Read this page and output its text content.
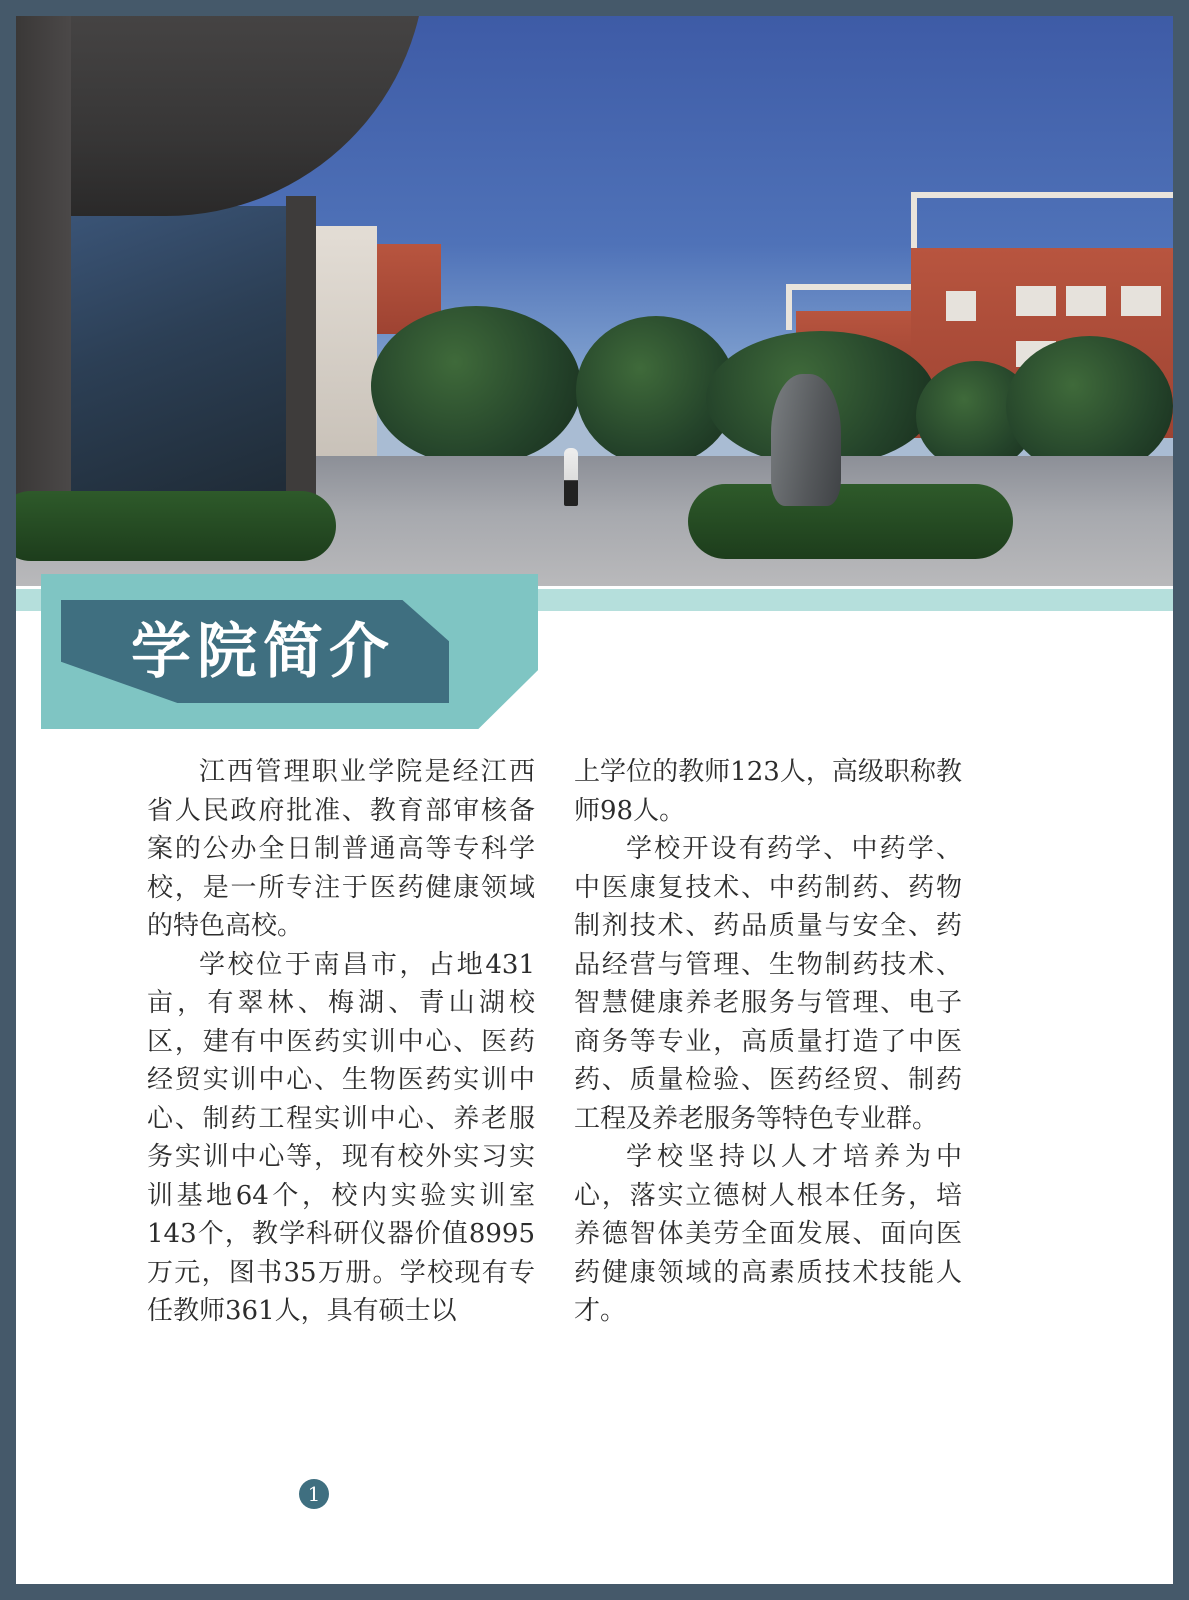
学院简介

江西管理职业学院是经江西省人民政府批准、教育部审核备案的公办全日制普通高等专科学校，是一所专注于医药健康领域的特色高校。

学校位于南昌市，占地431亩，有翠林、梅湖、青山湖校区，建有中医药实训中心、医药经贸实训中心、生物医药实训中心、制药工程实训中心、养老服务实训中心等，现有校外实习实训基地64个，校内实验实训室143个，教学科研仪器价值8995万元，图书35万册。学校现有专任教师361人，具有硕士以

上学位的教师123人，高级职称教师98人。

学校开设有药学、中药学、中医康复技术、中药制药、药物制剂技术、药品质量与安全、药品经营与管理、生物制药技术、智慧健康养老服务与管理、电子商务等专业，高质量打造了中医药、质量检验、医药经贸、制药工程及养老服务等特色专业群。

学校坚持以人才培养为中心，落实立德树人根本任务，培养德智体美劳全面发展、面向医药健康领域的高素质技术技能人才。

1
